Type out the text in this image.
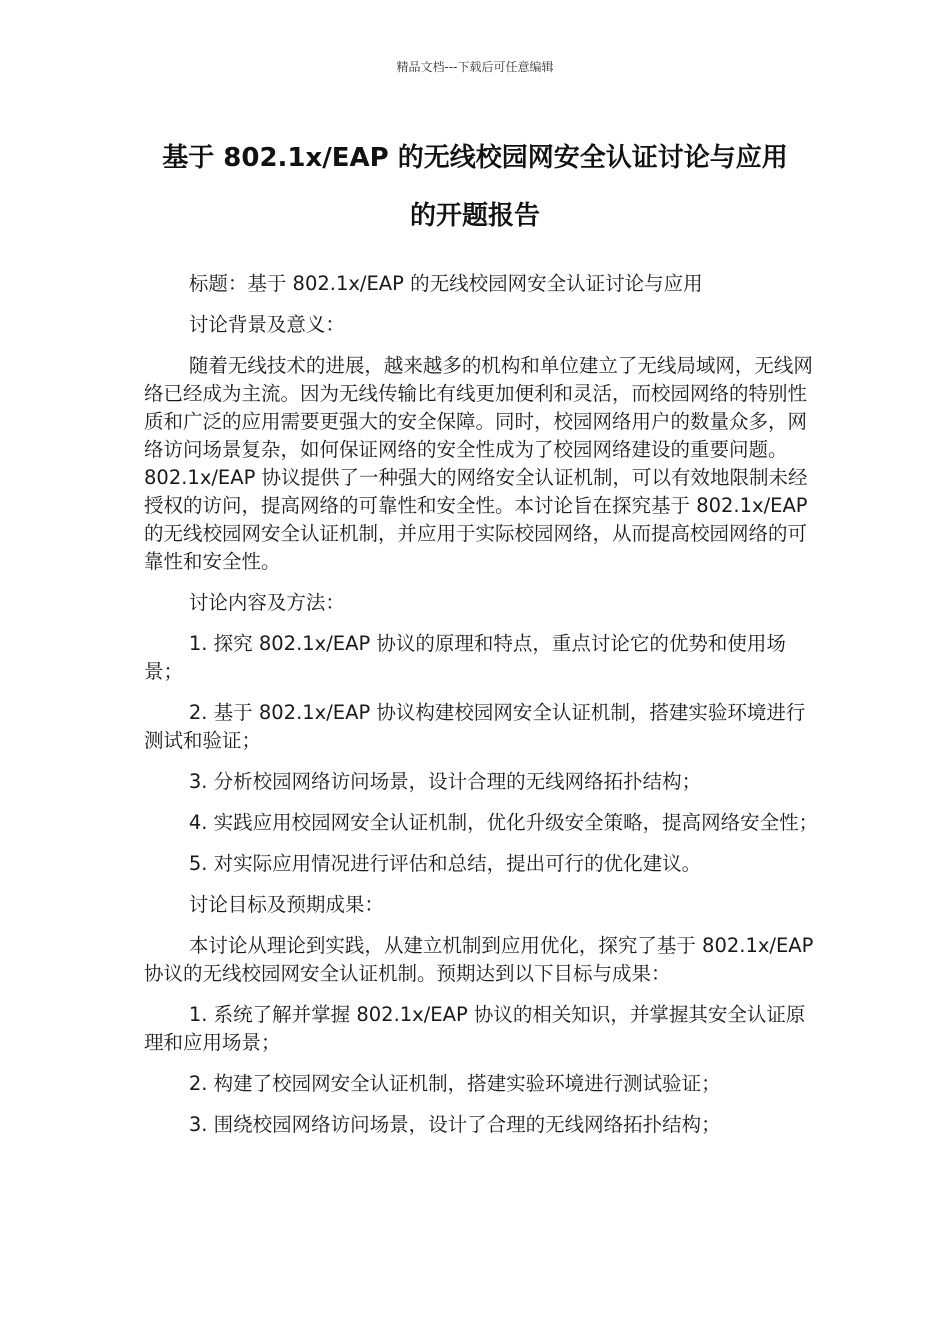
精品文档---下载后可任意编辑
基于 802.1x/EAP 的无线校园网安全认证讨论与应用
的开题报告

标题：基于 802.1x/EAP 的无线校园网安全认证讨论与应用

讨论背景及意义：

随着无线技术的进展，越来越多的机构和单位建立了无线局域网，无线网络已经成为主流。因为无线传输比有线更加便利和灵活，而校园网络的特别性质和广泛的应用需要更强大的安全保障。同时，校园网络用户的数量众多，网络访问场景复杂，如何保证网络的安全性成为了校园网络建设的重要问题。802.1x/EAP 协议提供了一种强大的网络安全认证机制，可以有效地限制未经授权的访问，提高网络的可靠性和安全性。本讨论旨在探究基于 802.1x/EAP 的无线校园网安全认证机制，并应用于实际校园网络，从而提高校园网络的可靠性和安全性。

讨论内容及方法：

1. 探究 802.1x/EAP 协议的原理和特点，重点讨论它的优势和使用场景；

2. 基于 802.1x/EAP 协议构建校园网安全认证机制，搭建实验环境进行测试和验证；

3. 分析校园网络访问场景，设计合理的无线网络拓扑结构；

4. 实践应用校园网安全认证机制，优化升级安全策略，提高网络安全性；

5. 对实际应用情况进行评估和总结，提出可行的优化建议。

讨论目标及预期成果：

本讨论从理论到实践，从建立机制到应用优化，探究了基于 802.1x/EAP 协议的无线校园网安全认证机制。预期达到以下目标与成果：

1. 系统了解并掌握 802.1x/EAP 协议的相关知识，并掌握其安全认证原理和应用场景；

2. 构建了校园网安全认证机制，搭建实验环境进行测试验证；

3. 围绕校园网络访问场景，设计了合理的无线网络拓扑结构；
